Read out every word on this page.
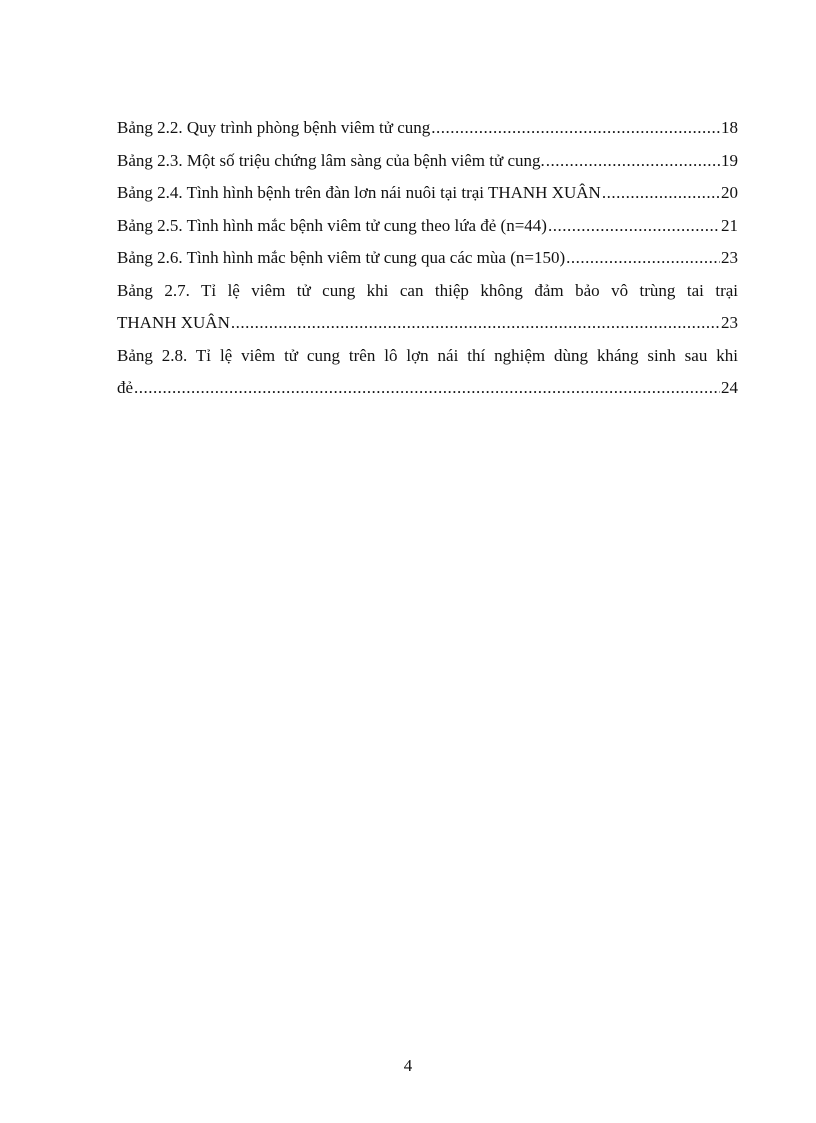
Bảng 2.2. Quy trình phòng bệnh viêm tử cung .....	18
Bảng 2.3. Một số triệu chứng lâm sàng của bệnh viêm tử cung. .....	19
Bảng 2.4. Tình hình bệnh trên đàn lơn nái nuôi tại trại THANH XUÂN .....	20
Bảng 2.5. Tình hình mắc bệnh viêm tử cung theo lứa đẻ (n=44) .....	21
Bảng 2.6. Tình hình mắc bệnh viêm tử cung qua các mùa (n=150) .....	23
Bảng 2.7. Tỉ lệ viêm tử cung khi can thiệp không đảm bảo vô trùng tai trại
THANH XUÂN .....	23
Bảng 2.8. Tỉ lệ viêm tử cung trên lô lợn nái thí nghiệm dùng kháng sinh sau khi
đẻ .....	24
4
